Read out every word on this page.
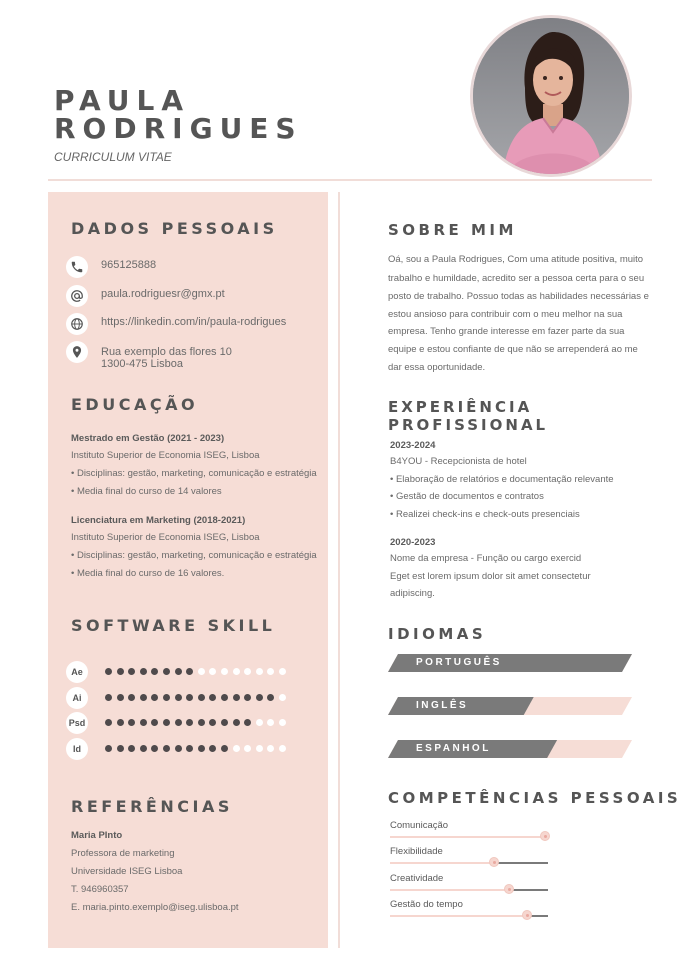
PAULA
RODRIGUES
CURRICULUM VITAE
DADOS PESSOAIS
965125888
paula.rodriguesr@gmx.pt
https://linkedin.com/in/paula-rodrigues
Rua exemplo das flores 10
1300-475 Lisboa
EDUCAÇÃO
Mestrado em Gestão (2021 - 2023)
Instituto Superior de Economia ISEG, Lisboa
• Disciplinas: gestão, marketing, comunicação e estratégia
• Media final do curso de 14 valores
Licenciatura em Marketing (2018-2021)
Instituto Superior de Economia ISEG, Lisboa
• Disciplinas: gestão, marketing, comunicação e estratégia
• Media final do curso de 16 valores.
SOFTWARE SKILL
Ae
Ai
Psd
Id
REFERÊNCIAS
Maria PInto
Professora de marketing
Universidade ISEG Lisboa
T. 946960357
E. maria.pinto.exemplo@iseg.ulisboa.pt
SOBRE MIM
Oá, sou a Paula Rodrigues, Com uma atitude positiva, muito
trabalho e humildade, acredito ser a pessoa certa para o seu
posto de trabalho. Possuo todas as habilidades necessárias e
estou ansioso para contribuir com o meu melhor na sua
empresa. Tenho grande interesse em fazer parte da sua
equipe e estou confiante de que não se arrependerá ao me
dar essa oportunidade.
EXPERIÊNCIA PROFISSIONAL
2023-2024
B4YOU - Recepcionista de hotel
• Elaboração de relatórios e documentação relevante
• Gestão de documentos e contratos
• Realizei check-ins e check-outs presenciais
2020-2023
Nome da empresa - Função ou cargo exercid
Eget est lorem ipsum dolor sit amet consectetur
adipiscing.
IDIOMAS
PORTUGUÊS
INGLÊS
ESPANHOL
COMPETÊNCIAS PESSOAIS
Comunicação
Flexibilidade
Creatividade
Gestão do tempo
